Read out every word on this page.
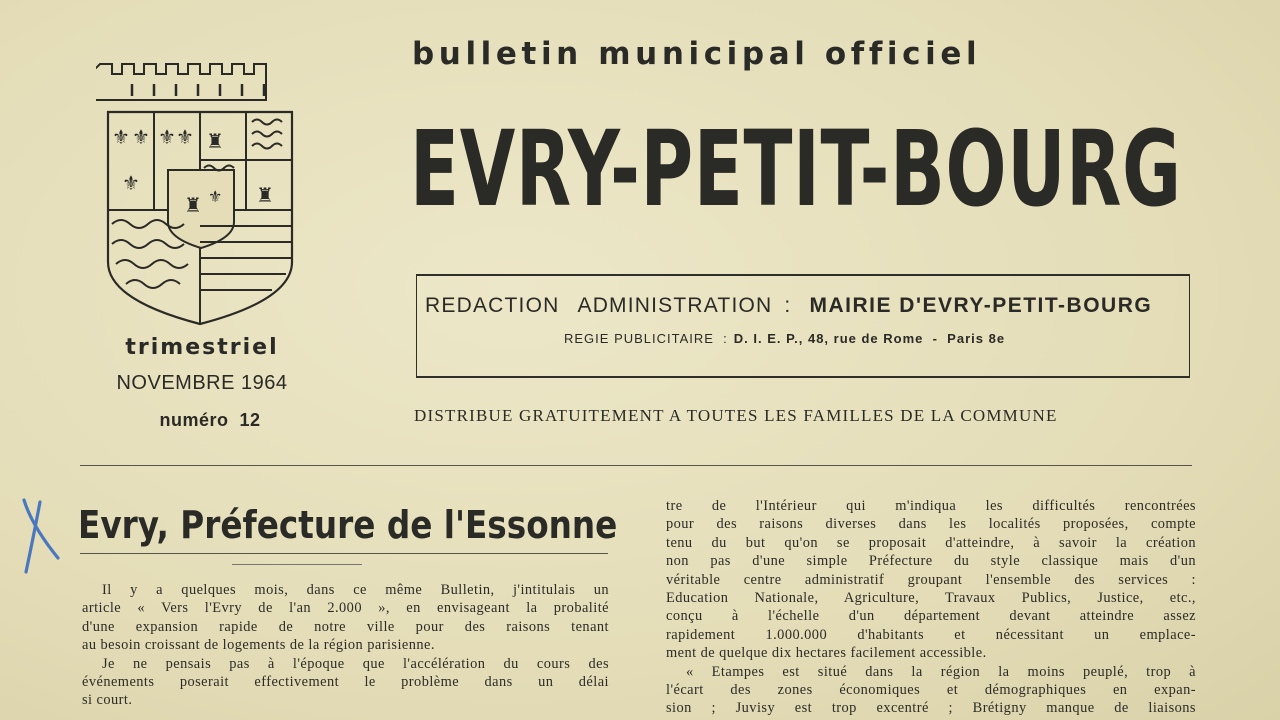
⚜ ⚜ ⚜ ⚜
⚜
♜
♜
♜ ⚜
trimestriel
NOVEMBRE 1964
numéro  12
bulletin municipal officiel
EVRY-PETIT-BOURG
REDACTION ADMINISTRATION : MAIRIE D'EVRY-PETIT-BOURG
REGIE PUBLICITAIRE  : D. I. E. P., 48, rue de Rome  -  Paris 8e
DISTRIBUE GRATUITEMENT A TOUTES LES FAMILLES DE LA COMMUNE
Evry, Préfecture de l'Essonne

Il y a quelques mois, dans ce même Bulletin, j'intitulais un

article « Vers l'Evry de l'an 2.000 », en envisageant la probalité

d'une expansion rapide de notre ville pour des raisons tenant

au besoin croissant de logements de la région parisienne.

Je ne pensais pas à l'époque que l'accélération du cours des

événements poserait effectivement le problème dans un délai

si court.

tre de l'Intérieur qui m'indiqua les difficultés rencontrées

pour des raisons diverses dans les localités proposées, compte

tenu du but qu'on se proposait d'atteindre, à savoir la création

non pas d'une simple Préfecture du style classique mais d'un

véritable centre administratif groupant l'ensemble des services :

Education Nationale, Agriculture, Travaux Publics, Justice, etc.,

conçu à l'échelle d'un département devant atteindre assez

rapidement 1.000.000 d'habitants et nécessitant un emplace-

ment de quelque dix hectares facilement accessible.

« Etampes est situé dans la région la moins peuplé, trop à

l'écart des zones économiques et démographiques en expan-

sion ; Juvisy est trop excentré ; Brétigny manque de liaisons
